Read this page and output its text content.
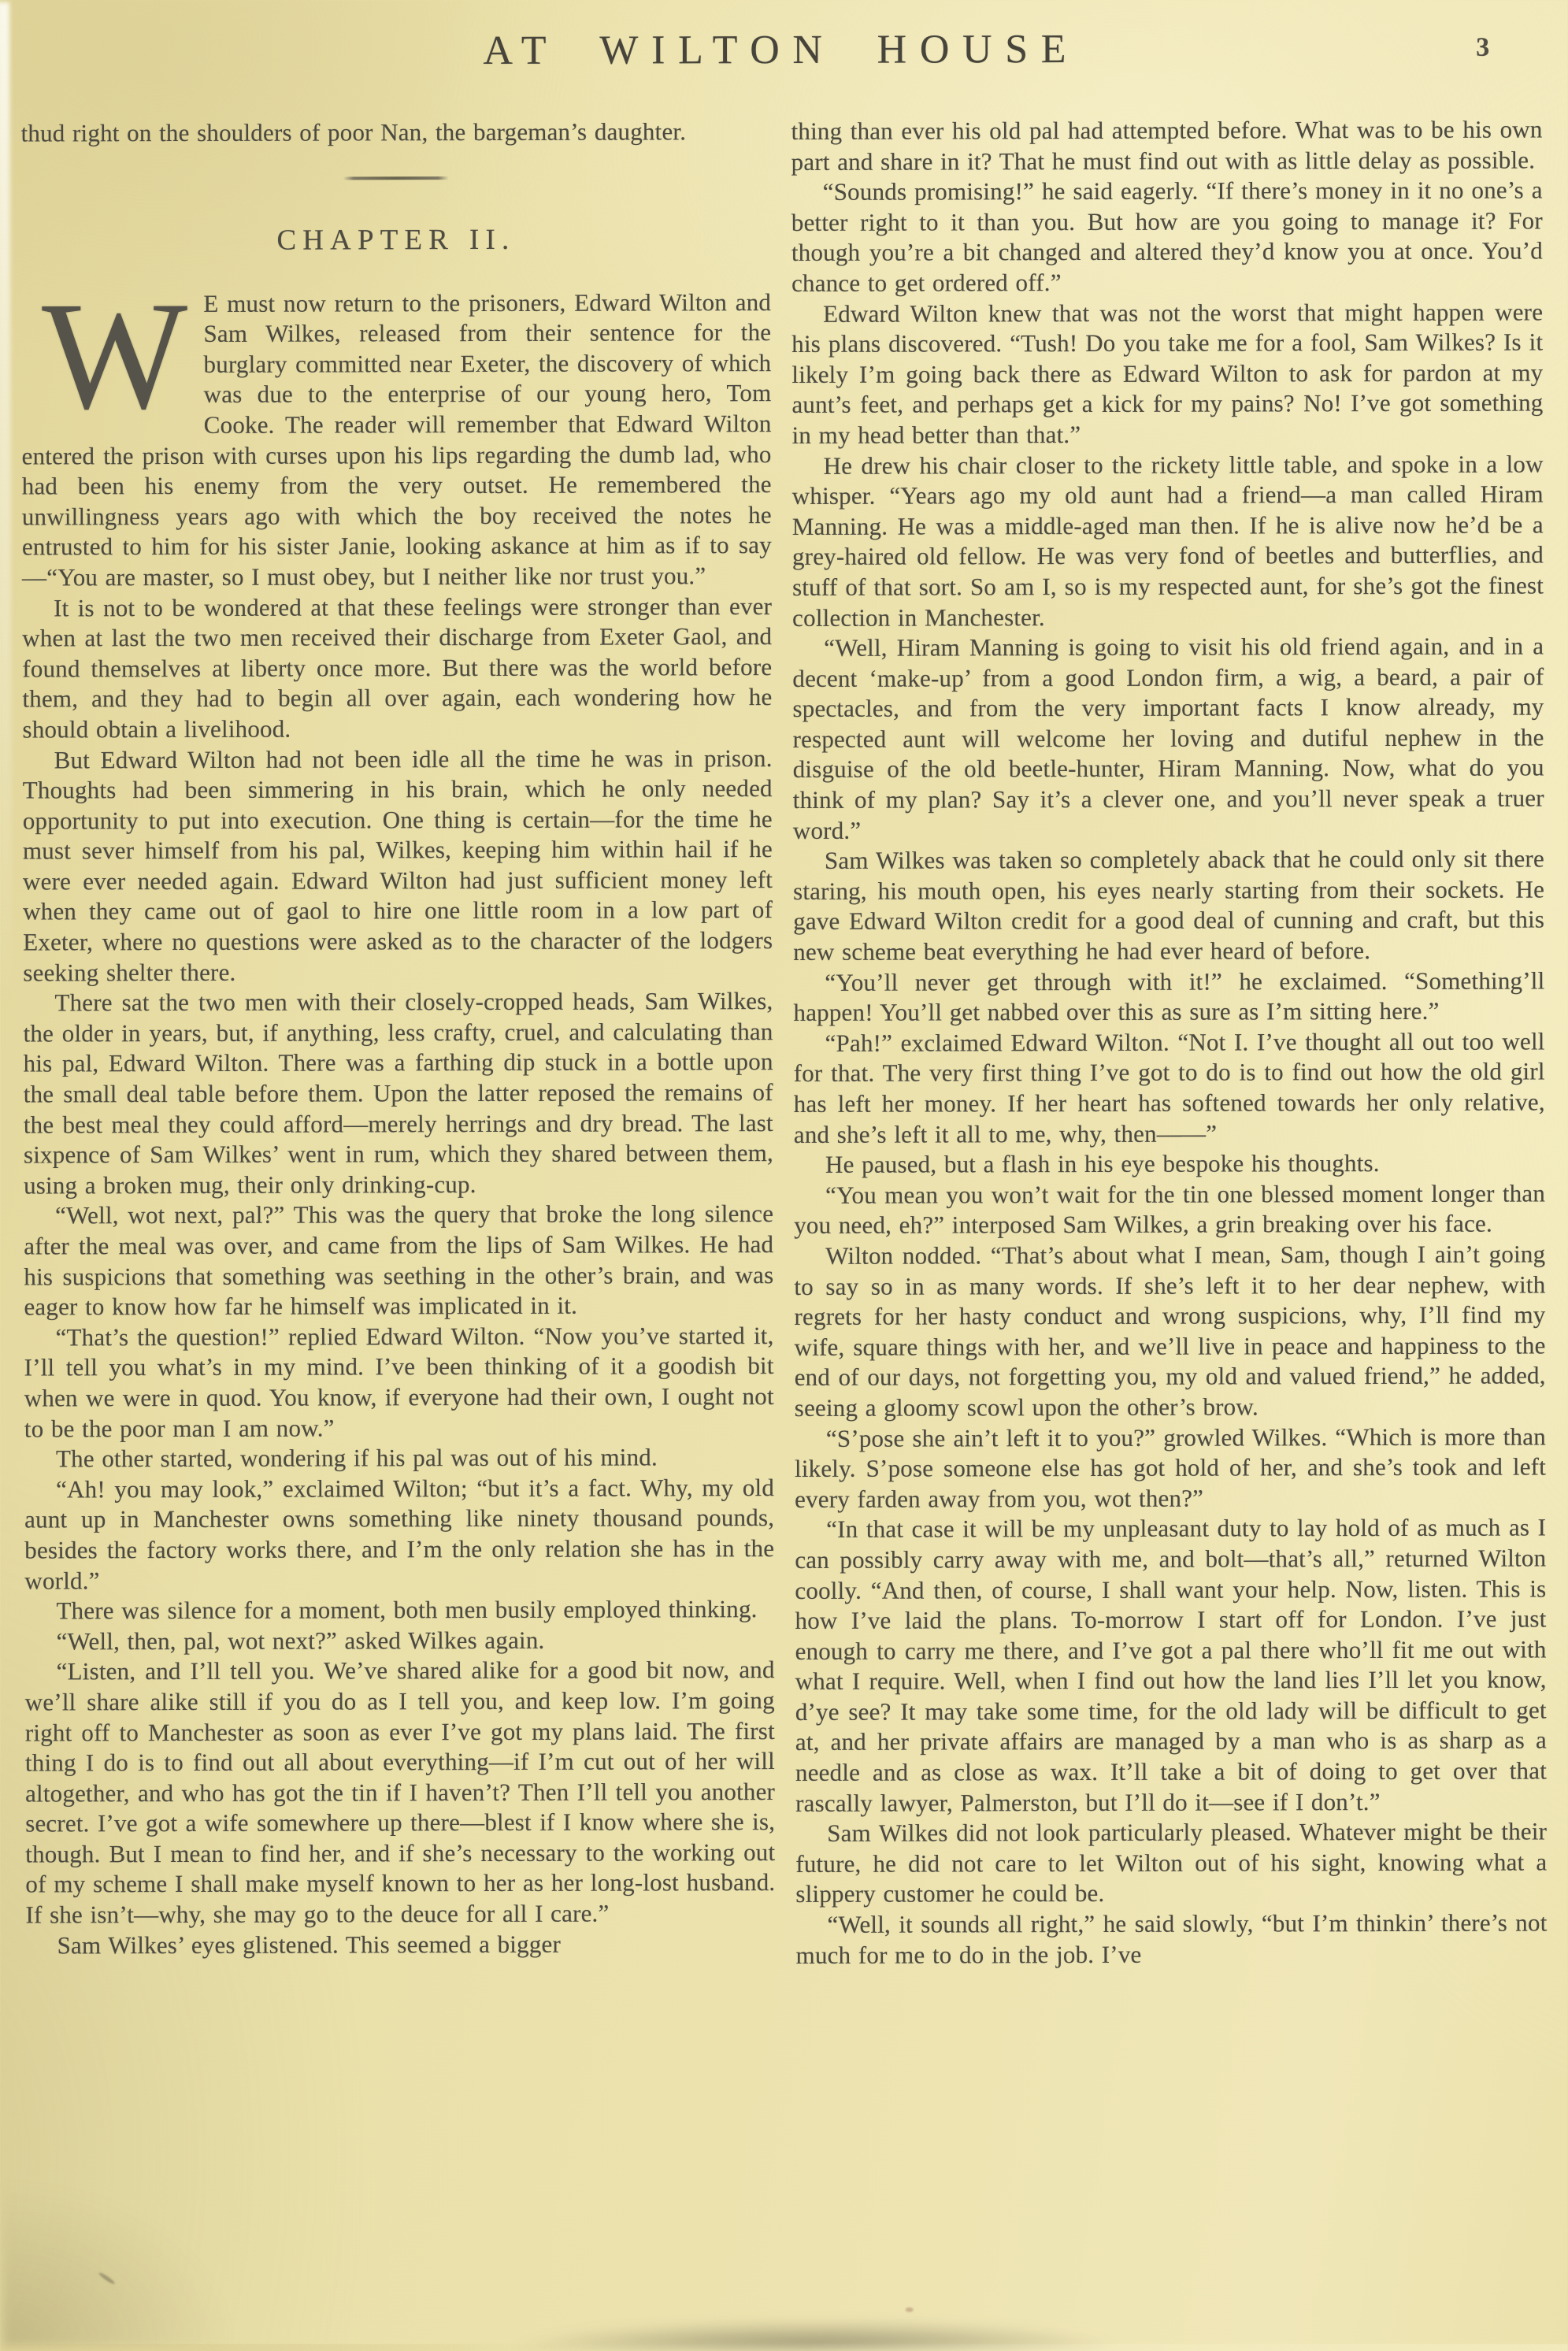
AT WILTON HOUSE	3

thud right on the shoulders of poor Nan, the bargeman’s daughter.

CHAPTER II.

W E must now return to the prisoners, Edward Wilton and Sam Wilkes, released from their sentence for the burglary committed near Exeter, the discovery of which was due to the enterprise of our young hero, Tom Cooke. The reader will remember that Edward Wilton entered the prison with curses upon his lips regarding the dumb lad, who had been his enemy from the very outset. He remembered the unwillingness years ago with which the boy received the notes he entrusted to him for his sister Janie, looking askance at him as if to say—“You are master, so I must obey, but I neither like nor trust you.”

It is not to be wondered at that these feelings were stronger than ever when at last the two men received their discharge from Exeter Gaol, and found themselves at liberty once more. But there was the world before them, and they had to begin all over again, each wondering how he should obtain a livelihood.

But Edward Wilton had not been idle all the time he was in prison. Thoughts had been simmering in his brain, which he only needed opportunity to put into execution. One thing is certain—for the time he must sever himself from his pal, Wilkes, keeping him within hail if he were ever needed again. Edward Wilton had just sufficient money left when they came out of gaol to hire one little room in a low part of Exeter, where no questions were asked as to the character of the lodgers seeking shelter there.

There sat the two men with their closely-cropped heads, Sam Wilkes, the older in years, but, if anything, less crafty, cruel, and calculating than his pal, Edward Wilton. There was a farthing dip stuck in a bottle upon the small deal table before them. Upon the latter reposed the remains of the best meal they could afford—merely herrings and dry bread. The last sixpence of Sam Wilkes’ went in rum, which they shared between them, using a broken mug, their only drinking-cup.

“Well, wot next, pal?” This was the query that broke the long silence after the meal was over, and came from the lips of Sam Wilkes. He had his suspicions that something was seething in the other’s brain, and was eager to know how far he himself was implicated in it.

“That’s the question!” replied Edward Wilton. “Now you’ve started it, I’ll tell you what’s in my mind. I’ve been thinking of it a goodish bit when we were in quod. You know, if everyone had their own, I ought not to be the poor man I am now.”

The other started, wondering if his pal was out of his mind.

“Ah! you may look,” exclaimed Wilton; “but it’s a fact. Why, my old aunt up in Manchester owns something like ninety thousand pounds, besides the factory works there, and I’m the only relation she has in the world.”

There was silence for a moment, both men busily employed thinking.

“Well, then, pal, wot next?” asked Wilkes again.

“Listen, and I’ll tell you. We’ve shared alike for a good bit now, and we’ll share alike still if you do as I tell you, and keep low. I’m going right off to Manchester as soon as ever I’ve got my plans laid. The first thing I do is to find out all about everything—if I’m cut out of her will altogether, and who has got the tin if I haven’t? Then I’ll tell you another secret. I’ve got a wife somewhere up there—blest if I know where she is, though. But I mean to find her, and if she’s necessary to the working out of my scheme I shall make myself known to her as her long-lost husband. If she isn’t—why, she may go to the deuce for all I care.”

Sam Wilkes’ eyes glistened. This seemed a bigger

thing than ever his old pal had attempted before. What was to be his own part and share in it? That he must find out with as little delay as possible.

“Sounds promising!” he said eagerly. “If there’s money in it no one’s a better right to it than you. But how are you going to manage it? For though you’re a bit changed and altered they’d know you at once. You’d chance to get ordered off.”

Edward Wilton knew that was not the worst that might happen were his plans discovered. “Tush! Do you take me for a fool, Sam Wilkes? Is it likely I’m going back there as Edward Wilton to ask for pardon at my aunt’s feet, and perhaps get a kick for my pains? No! I’ve got something in my head better than that.”

He drew his chair closer to the rickety little table, and spoke in a low whisper. “Years ago my old aunt had a friend—a man called Hiram Manning. He was a middle-aged man then. If he is alive now he’d be a grey-haired old fellow. He was very fond of beetles and butterflies, and stuff of that sort. So am I, so is my respected aunt, for she’s got the finest collection in Manchester.

“Well, Hiram Manning is going to visit his old friend again, and in a decent ‘make-up’ from a good London firm, a wig, a beard, a pair of spectacles, and from the very important facts I know already, my respected aunt will welcome her loving and dutiful nephew in the disguise of the old beetle-hunter, Hiram Manning. Now, what do you think of my plan? Say it’s a clever one, and you’ll never speak a truer word.”

Sam Wilkes was taken so completely aback that he could only sit there staring, his mouth open, his eyes nearly starting from their sockets. He gave Edward Wilton credit for a good deal of cunning and craft, but this new scheme beat everything he had ever heard of before.

“You’ll never get through with it!” he exclaimed. “Something’ll happen! You’ll get nabbed over this as sure as I’m sitting here.”

“Pah!” exclaimed Edward Wilton. “Not I. I’ve thought all out too well for that. The very first thing I’ve got to do is to find out how the old girl has left her money. If her heart has softened towards her only relative, and she’s left it all to me, why, then——”

He paused, but a flash in his eye bespoke his thoughts.

“You mean you won’t wait for the tin one blessed moment longer than you need, eh?” interposed Sam Wilkes, a grin breaking over his face.

Wilton nodded. “That’s about what I mean, Sam, though I ain’t going to say so in as many words. If she’s left it to her dear nephew, with regrets for her hasty conduct and wrong suspicions, why, I’ll find my wife, square things with her, and we’ll live in peace and happiness to the end of our days, not forgetting you, my old and valued friend,” he added, seeing a gloomy scowl upon the other’s brow.

“S’pose she ain’t left it to you?” growled Wilkes. “Which is more than likely. S’pose someone else has got hold of her, and she’s took and left every farden away from you, wot then?”

“In that case it will be my unpleasant duty to lay hold of as much as I can possibly carry away with me, and bolt—that’s all,” returned Wilton coolly. “And then, of course, I shall want your help. Now, listen. This is how I’ve laid the plans. To-morrow I start off for London. I’ve just enough to carry me there, and I’ve got a pal there who’ll fit me out with what I require. Well, when I find out how the land lies I’ll let you know, d’ye see? It may take some time, for the old lady will be difficult to get at, and her private affairs are managed by a man who is as sharp as a needle and as close as wax. It’ll take a bit of doing to get over that rascally lawyer, Palmerston, but I’ll do it—see if I don’t.”

Sam Wilkes did not look particularly pleased. Whatever might be their future, he did not care to let Wilton out of his sight, knowing what a slippery customer he could be.

“Well, it sounds all right,” he said slowly, “but I’m thinkin’ there’s not much for me to do in the job. I’ve
